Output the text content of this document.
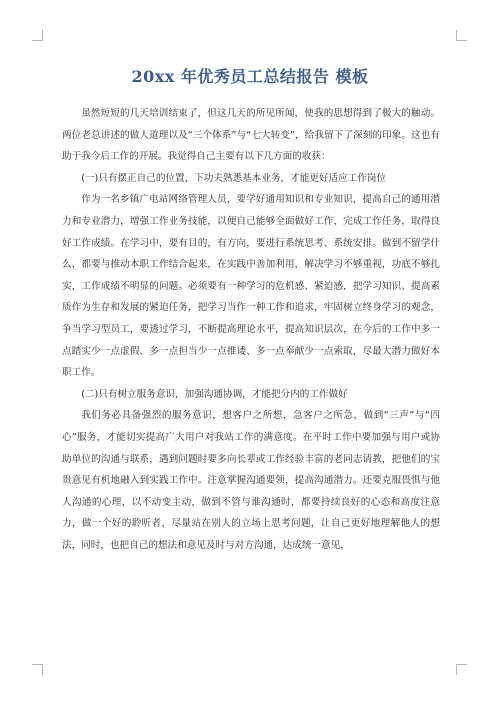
20xx 年优秀员工总结报告 模板

虽然短短的几天培训结束了，但这几天的所见所闻，使我的思想得到了极大的触动。两位老总讲述的做人道理以及“三个体系”与“七大转变”，给我留下了深刻的印象。这也有助于我今后工作的开展。我觉得自己主要有以下几方面的收获：

(一)只有摆正自己的位置，下功夫熟悉基本业务，才能更好适应工作岗位

作为一名乡镇广电站网络管理人员，要学好通用知识和专业知识，提高自己的通用潜力和专业潜力，增强工作业务技能，以便自己能够全面做好工作，完成工作任务，取得良好工作成绩。在学习中，要有目的，有方向，要进行系统思考、系统安排。做到不留学什么，都要与推动本职工作结合起来，在实践中善加利用，解决学习不够重视，功底不够扎实，工作成绩不明显的问题。必须要有一种学习的危机感、紧迫感，把学习知识、提高素质作为生存和发展的紧迫任务，把学习当作一种工作和追求，牢固树立终身学习的观念，争当学习型员工，要透过学习，不断提高理论水平，提高知识层次，在今后的工作中多一点踏实少一点虚假、多一点担当少一点推诿、多一点奉献少一点索取，尽最大潜力做好本职工作。

(二)只有树立服务意识，加强沟通协调，才能把分内的工作做好

我们务必具备强烈的服务意识，想客户之所想，急客户之所急，做到“三声”与“四心”服务，才能切实提高广大用户对我站工作的满意度。在平时工作中要加强与用户或协助单位的沟通与联系，遇到问题时要多向长辈或工作经验丰富的老同志请教，把他们的宝贵意见有机地融入到实践工作中。注意掌握沟通要领，提高沟通潜力。还要克服畏惧与他人沟通的心理，以不动变主动，做到不管与谁沟通时，都要持续良好的心态和高度注意力，做一个好的聆听者，尽量站在别人的立场上思考问题，让自己更好地理解他人的想法，同时，也把自己的想法和意见及时与对方沟通，达成统一意见，
